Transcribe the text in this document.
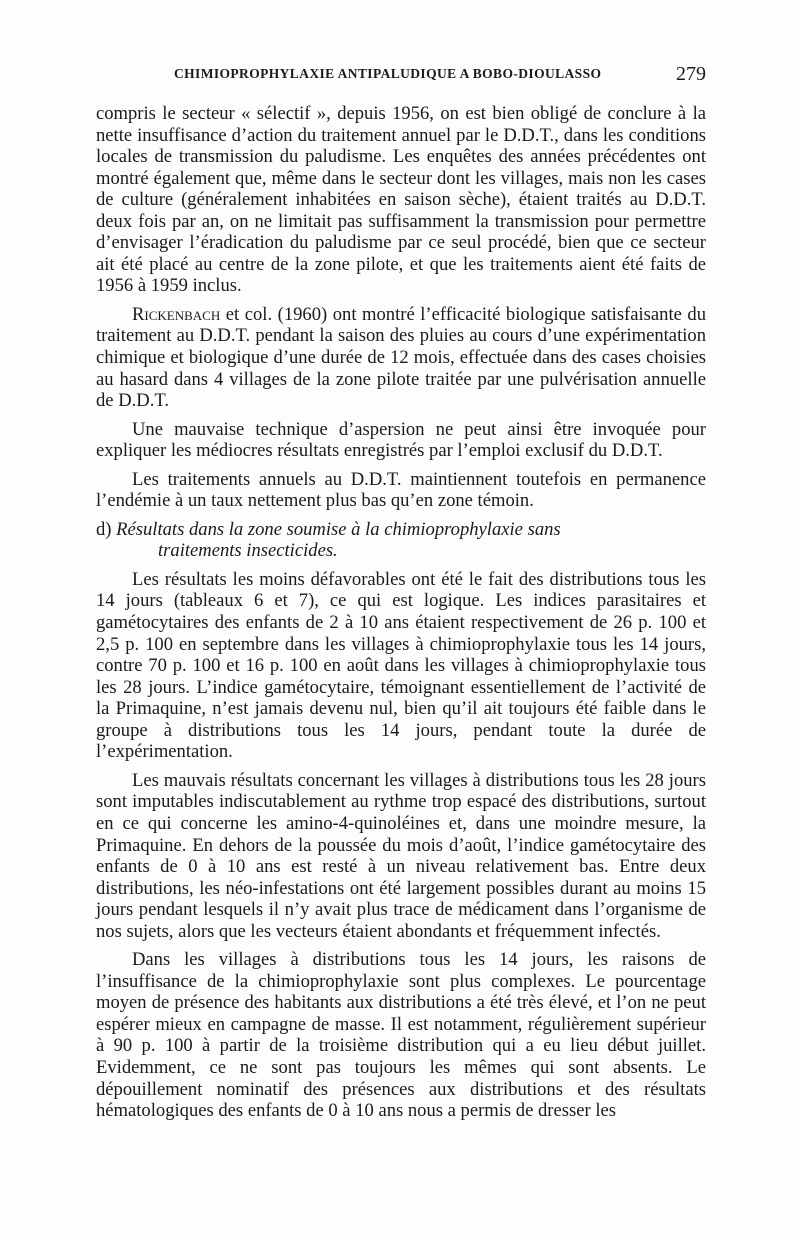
CHIMIOPROPHYLAXIE ANTIPALUDIQUE A BOBO-DIOULASSO	279

compris le secteur « sélectif », depuis 1956, on est bien obligé de conclure à la nette insuffisance d’action du traitement annuel par le D.D.T., dans les conditions locales de transmission du paludisme. Les enquêtes des années précédentes ont montré également que, même dans le secteur dont les villages, mais non les cases de culture (généralement inhabitées en saison sèche), étaient traités au D.D.T. deux fois par an, on ne limitait pas suffisamment la transmission pour permettre d’envisager l’éradication du paludisme par ce seul procédé, bien que ce secteur ait été placé au centre de la zone pilote, et que les traitements aient été faits de 1956 à 1959 inclus.

Rickenbach et col. (1960) ont montré l’efficacité biologique satisfaisante du traitement au D.D.T. pendant la saison des pluies au cours d’une expérimentation chimique et biologique d’une durée de 12 mois, effectuée dans des cases choisies au hasard dans 4 villages de la zone pilote traitée par une pulvérisation annuelle de D.D.T.

Une mauvaise technique d’aspersion ne peut ainsi être invoquée pour expliquer les médiocres résultats enregistrés par l’emploi exclusif du D.D.T.

Les traitements annuels au D.D.T. maintiennent toutefois en permanence l’endémie à un taux nettement plus bas qu’en zone témoin.

d) Résultats dans la zone soumise à la chimioprophylaxie sans
traitements insecticides.

Les résultats les moins défavorables ont été le fait des distributions tous les 14 jours (tableaux 6 et 7), ce qui est logique. Les indices parasitaires et gamétocytaires des enfants de 2 à 10 ans étaient respectivement de 26 p. 100 et 2,5 p. 100 en septembre dans les villages à chimioprophylaxie tous les 14 jours, contre 70 p. 100 et 16 p. 100 en août dans les villages à chimioprophylaxie tous les 28 jours. L’indice gamétocytaire, témoignant essentiellement de l’activité de la Primaquine, n’est jamais devenu nul, bien qu’il ait toujours été faible dans le groupe à distributions tous les 14 jours, pendant toute la durée de l’expérimentation.

Les mauvais résultats concernant les villages à distributions tous les 28 jours sont imputables indiscutablement au rythme trop espacé des distributions, surtout en ce qui concerne les amino-4-quinoléines et, dans une moindre mesure, la Primaquine. En dehors de la poussée du mois d’août, l’indice gamétocytaire des enfants de 0 à 10 ans est resté à un niveau relativement bas. Entre deux distributions, les néo-infestations ont été largement possibles durant au moins 15 jours pendant lesquels il n’y avait plus trace de médicament dans l’organisme de nos sujets, alors que les vecteurs étaient abondants et fréquemment infectés.

Dans les villages à distributions tous les 14 jours, les raisons de l’insuffisance de la chimioprophylaxie sont plus complexes. Le pourcentage moyen de présence des habitants aux distributions a été très élevé, et l’on ne peut espérer mieux en campagne de masse. Il est notamment, régulièrement supérieur à 90 p. 100 à partir de la troisième distribution qui a eu lieu début juillet. Evidemment, ce ne sont pas toujours les mêmes qui sont absents. Le dépouillement nominatif des présences aux distributions et des résultats hématologiques des enfants de 0 à 10 ans nous a permis de dresser les
